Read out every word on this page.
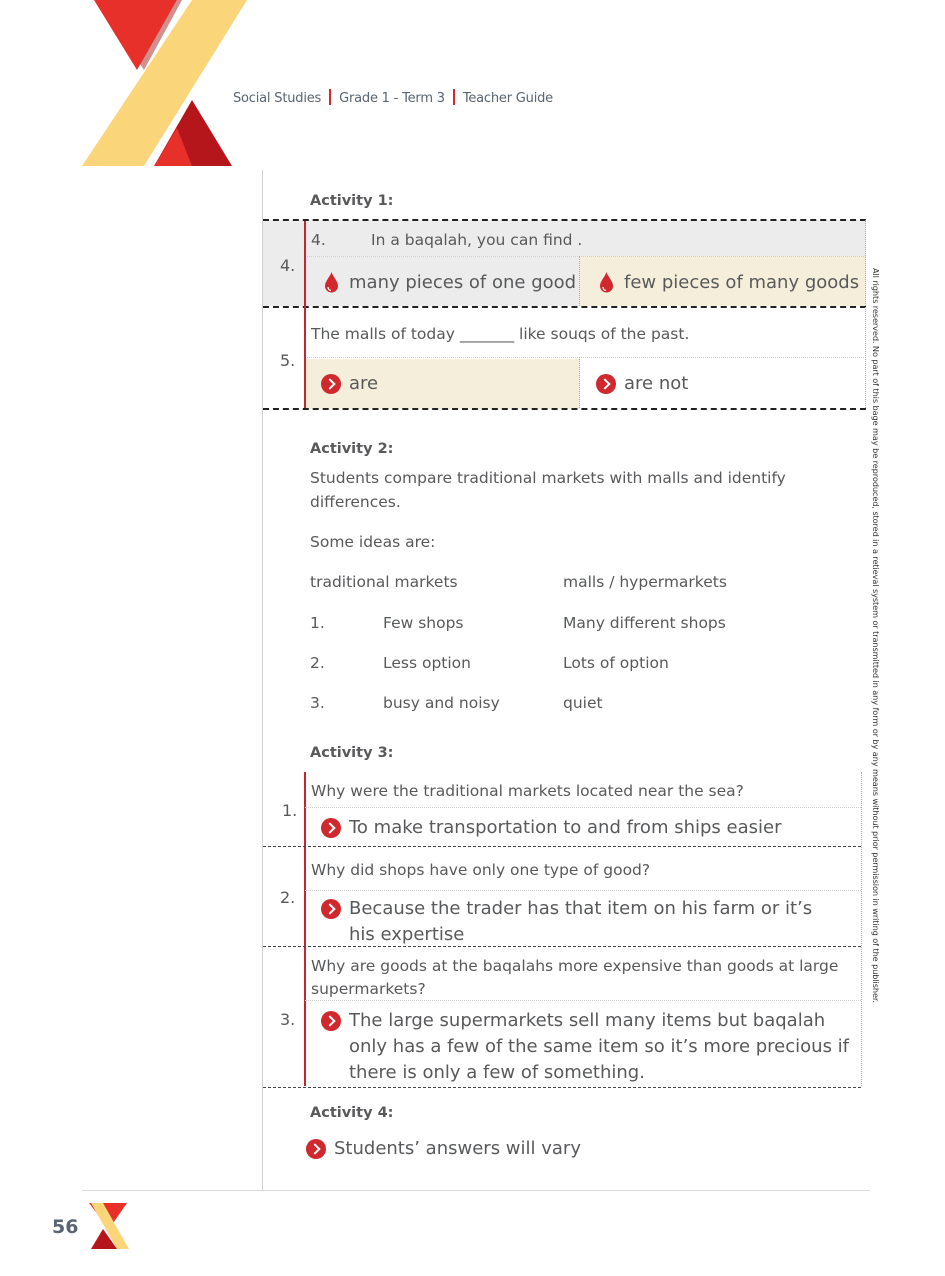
Social Studies Grade 1 - Term 3 Teacher Guide
All rights reserved. No part of this bage may be reproduced, stored in a retieval system or transmitted in any form or by any means without prior permission in writing of the publisher.
Activity 1:
4.
4.	In a baqalah, you can find .
many pieces of one good	few pieces of many goods
5.
The malls of today _______ like souqs of the past.
are	are not
Activity 2:
Students compare traditional markets with malls and identify differences.
Some ideas are:
traditional markets	malls / hypermarkets
1.	Few shops	Many different shops
2.	Less option	Lots of option
3.	busy and noisy	quiet
Activity 3:
1.
Why were the traditional markets located near the sea?
To make transportation to and from ships easier
2.
Why did shops have only one type of good?
Because the trader has that item on his farm or it’s his expertise
3.
Why are goods at the baqalahs more expensive than goods at large supermarkets?
The large supermarkets sell many items but baqalah only has a few of the same item so it’s more precious if there is only a few of something.
Activity 4:
Students’ answers will vary
56
